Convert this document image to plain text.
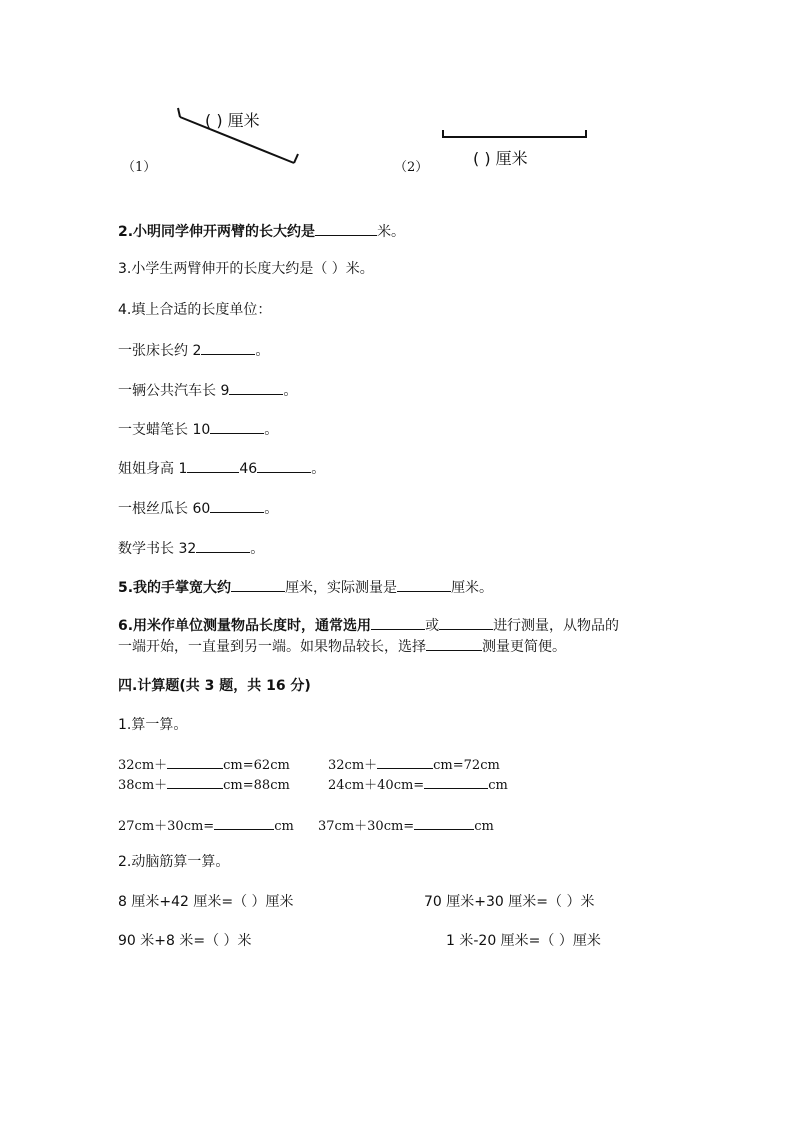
( ) 厘米
（1）	( ) 厘米
（2）
2.小明同学伸开两臂的长大约是	米。
3.小学生两臂伸开的长度大约是（ ）米。
4.填上合适的长度单位：
一张床长约 2	。
一辆公共汽车长 9	。
一支蜡笔长 10	。
姐姐身高 1	46	。
一根丝瓜长 60	。
数学书长 32	。
5.我的手掌宽大约	厘米，实际测量是	厘米。
6.用米作单位测量物品长度时，通常选用	或	进行测量，从物品的
一端开始，一直量到另一端。如果物品较长，选择	测量更简便。
四.计算题(共 3 题，共 16 分)
1.算一算。
32cm＋	cm=62cm	32cm＋	cm=72cm
38cm＋	cm=88cm	24cm＋40cm=	cm
27cm＋30cm=	cm 37cm＋30cm=	cm
2.动脑筋算一算。
8 厘米+42 厘米=（ ）厘米	70 厘米+30 厘米=（ ）米
90 米+8 米=（ ）米	1 米-20 厘米=（ ）厘米
